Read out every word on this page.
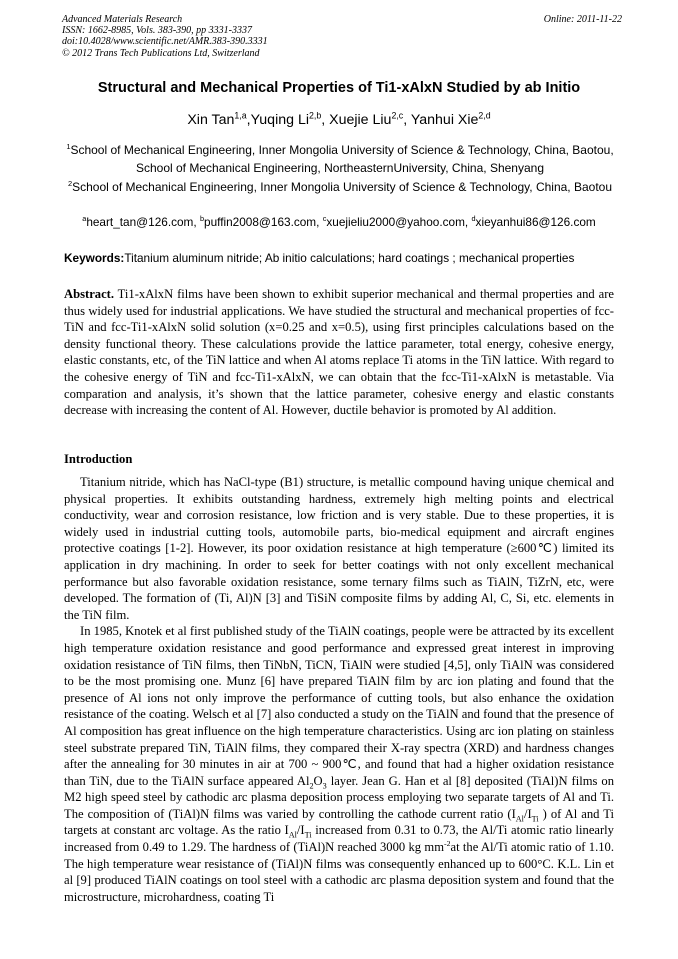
Advanced Materials Research
ISSN: 1662-8985, Vols. 383-390, pp 3331-3337
doi:10.4028/www.scientific.net/AMR.383-390.3331
© 2012 Trans Tech Publications Ltd, Switzerland
Online: 2011-11-22
Structural and Mechanical Properties of Ti1-xAlxN Studied by ab Initio
Xin Tan$^{1,a}$,Yuqing Li$^{2,b}$, Xuejie Liu$^{2,c}$, Yanhui Xie$^{2,d}$
$^1$School of Mechanical Engineering, Inner Mongolia University of Science & Technology, China, Baotou, School of Mechanical Engineering, NortheasternUniversity, China, Shenyang
$^2$School of Mechanical Engineering, Inner Mongolia University of Science & Technology, China, Baotou
$^a$heart_tan@126.com, $^b$puffin2008@163.com, $^c$xuejieliu2000@yahoo.com, $^d$xieyanhui86@126.com
Keywords:Titanium aluminum nitride; Ab initio calculations; hard coatings ; mechanical properties
Abstract. Ti1-xAlxN films have been shown to exhibit superior mechanical and thermal properties and are thus widely used for industrial applications. We have studied the structural and mechanical properties of fcc-TiN and fcc-Ti1-xAlxN solid solution (x=0.25 and x=0.5), using first principles calculations based on the density functional theory. These calculations provide the lattice parameter, total energy, cohesive energy, elastic constants, etc, of the TiN lattice and when Al atoms replace Ti atoms in the TiN lattice. With regard to the cohesive energy of TiN and fcc-Ti1-xAlxN, we can obtain that the fcc-Ti1-xAlxN is metastable. Via comparation and analysis, it’s shown that the lattice parameter, cohesive energy and elastic constants decrease with increasing the content of Al. However, ductile behavior is promoted by Al addition.
Introduction

Titanium nitride, which has NaCl-type (B1) structure, is metallic compound having unique chemical and physical properties. It exhibits outstanding hardness, extremely high melting points and electrical conductivity, wear and corrosion resistance, low friction and is very stable. Due to these properties, it is widely used in industrial cutting tools, automobile parts, bio-medical equipment and aircraft engines protective coatings [1-2]. However, its poor oxidation resistance at high temperature (≥600℃) limited its application in dry machining. In order to seek for better coatings with not only excellent mechanical performance but also favorable oxidation resistance, some ternary films such as TiAlN, TiZrN, etc, were developed. The formation of (Ti, Al)N [3] and TiSiN composite films by adding Al, C, Si, etc. elements in the TiN film.

In 1985, Knotek et al first published study of the TiAlN coatings, people were be attracted by its excellent high temperature oxidation resistance and good performance and expressed great interest in improving oxidation resistance of TiN films, then TiNbN, TiCN, TiAlN were studied [4,5], only TiAlN was considered to be the most promising one. Munz [6] have prepared TiAlN film by arc ion plating and found that the presence of Al ions not only improve the performance of cutting tools, but also enhance the oxidation resistance of the coating. Welsch et al [7] also conducted a study on the TiAlN and found that the presence of Al composition has great influence on the high temperature characteristics. Using arc ion plating on stainless steel substrate prepared TiN, TiAlN films, they compared their X-ray spectra (XRD) and hardness changes after the annealing for 30 minutes in air at 700 ~ 900℃, and found that had a higher oxidation resistance than TiN, due to the TiAlN surface appeared $Al_2O_3$ layer. Jean G. Han et al [8] deposited (TiAl)N films on M2 high speed steel by cathodic arc plasma deposition process employing two separate targets of Al and Ti. The composition of (TiAl)N films was varied by controlling the cathode current ratio ($I_{Al}/I_{Ti}$ ) of Al and Ti targets at constant arc voltage. As the ratio $I_{Al}/I_{Ti}$ increased from 0.31 to 0.73, the Al/Ti atomic ratio linearly increased from 0.49 to 1.29. The hardness of (TiAl)N reached 3000 kg $mm^{-2}at$ the Al/Ti atomic ratio of 1.10. The high temperature wear resistance of (TiAl)N films was consequently enhanced up to 600°C. K.L. Lin et al [9] produced TiAlN coatings on tool steel with a cathodic arc plasma deposition system and found that the microstructure, microhardness, coating Ti
